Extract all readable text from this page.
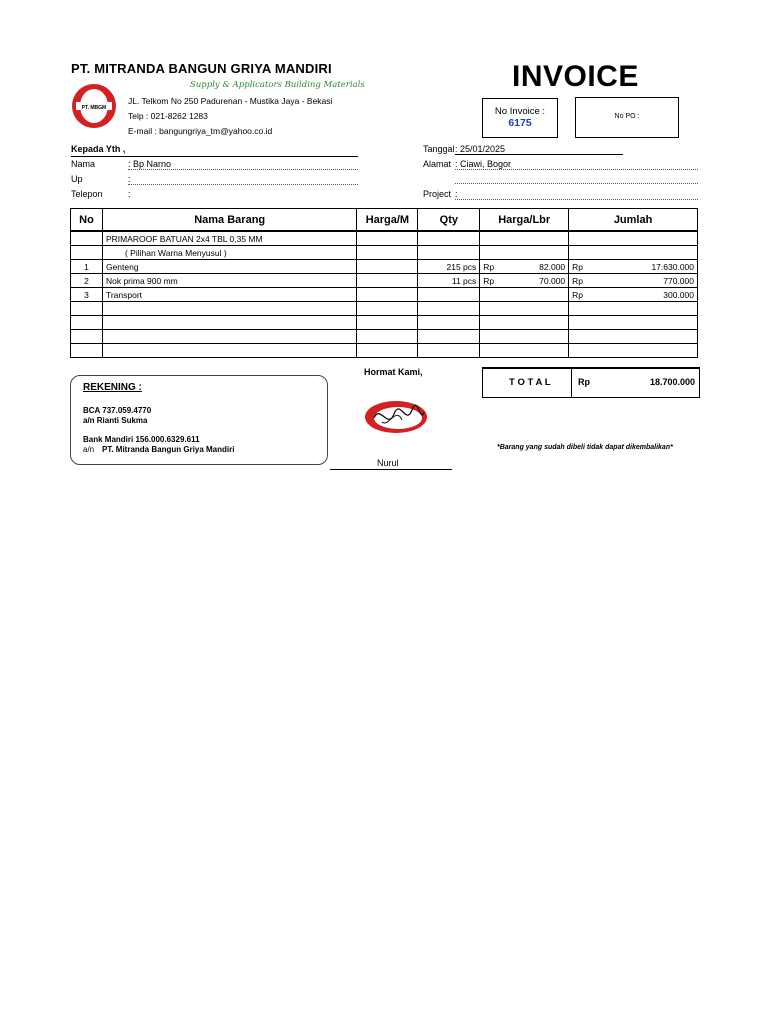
PT. MITRANDA BANGUN GRIYA MANDIRI
PT. MBGM
Supply & Applicators Building Materials
JL. Telkom No 250 Padurenan - Mustika Jaya - Bekasi
Telp : 021-8262 1283
E-mail : bangungriya_tm@yahoo.co.id
INVOICE
No Invoice :
6175
No PO :
Kepada Yth ,
Nama	: Bp Narno
Up	:
Telepon	:
Tanggal : 25/01/2025
Alamat : Ciawi, Bogor
Project :
No	Nama Barang	Harga/M	Qty	Harga/Lbr		Jumlah	
	PRIMAROOF BATUAN 2x4 TBL 0,35 MM						
	( Pilihan Warna Menyusul )						
1	Genteng		215 pcs	Rp	82.000	Rp	17.630.000
2	Nok prima 900 mm		11 pcs	Rp	70.000	Rp	770.000
3	Transport					Rp	300.000

T O T A L	Rp	18.700.000
REKENING :
BCA 737.059.4770
a/n Rianti Sukma
Bank Mandiri 156.000.6329.611
a/n PT. Mitranda Bangun Griya Mandiri
Hormat Kami,
Nurul
*Barang yang sudah dibeli tidak dapat dikembalikan*
